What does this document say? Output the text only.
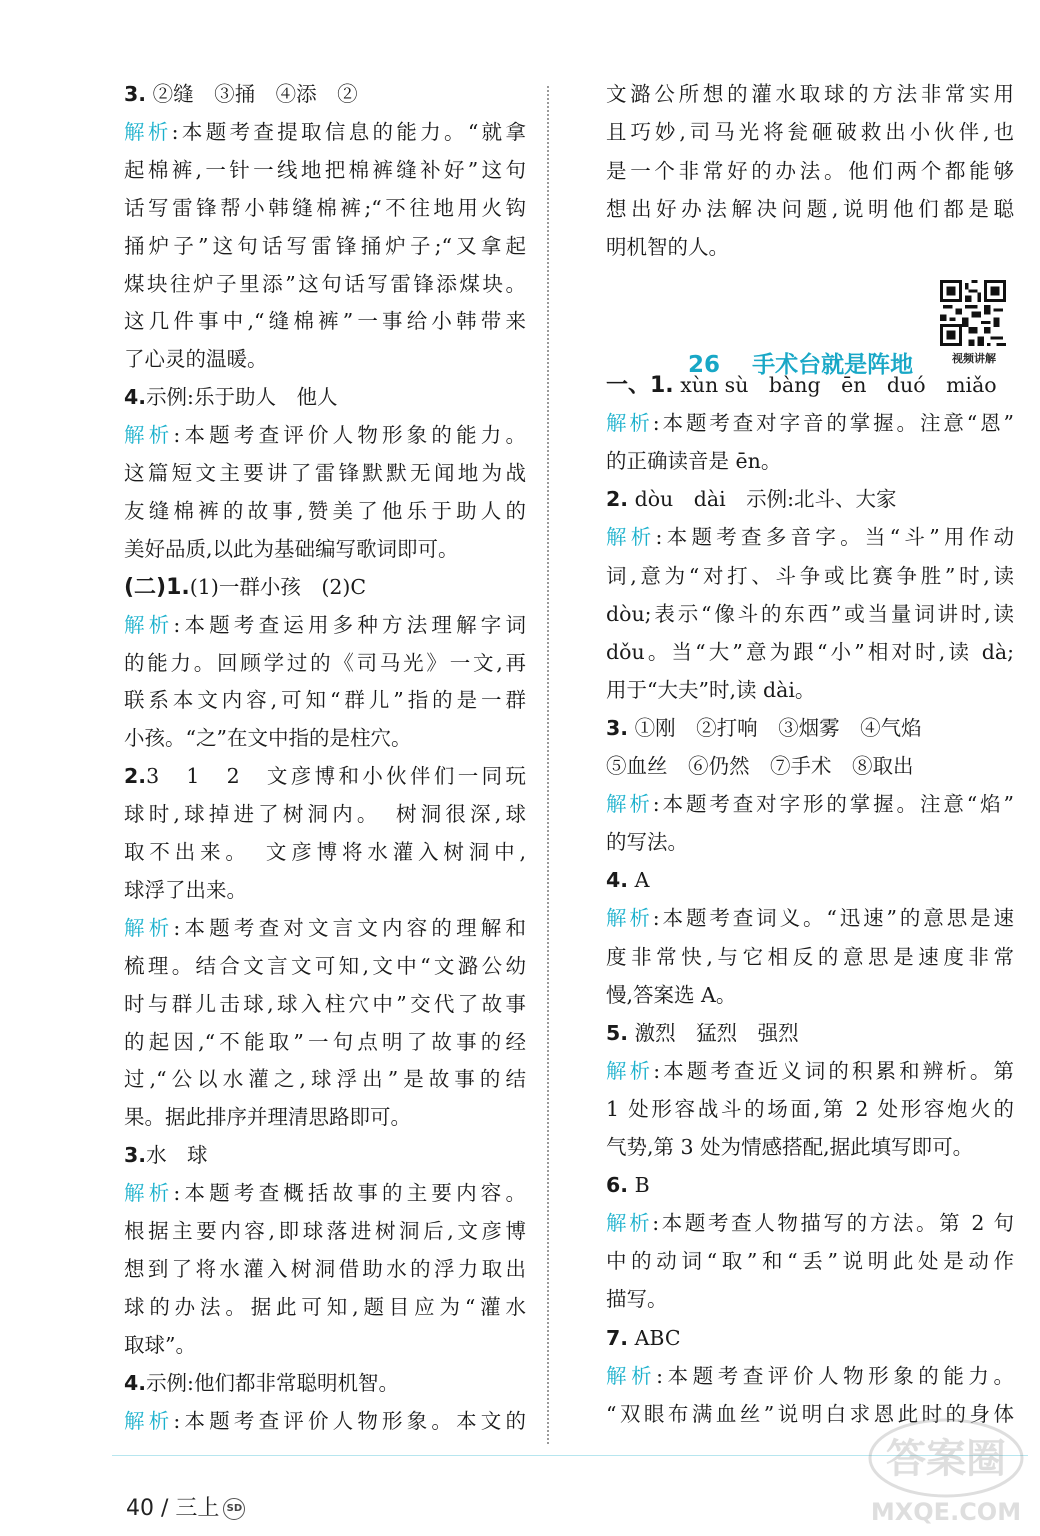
3. ②缝　③捅　④添　②
解析:本题考查提取信息的能力。“就拿
起棉裤,一针一线地把棉裤缝补好”这句
话写雷锋帮小韩缝棉裤;“不往地用火钩
捅炉子”这句话写雷锋捅炉子;“又拿起
煤块往炉子里添”这句话写雷锋添煤块。
这几件事中,“缝棉裤”一事给小韩带来
了心灵的温暖。
4.示例:乐于助人　他人
解析:本题考查评价人物形象的能力。
这篇短文主要讲了雷锋默默无闻地为战
友缝棉裤的故事,赞美了他乐于助人的
美好品质,以此为基础编写歌词即可。
(二)1.(1)一群小孩　(2)C
解析:本题考查运用多种方法理解字词
的能力。回顾学过的《司马光》一文,再
联系本文内容,可知“群儿”指的是一群
小孩。“之”在文中指的是柱穴。
2.3　1　2　文彦博和小伙伴们一同玩
球时,球掉进了树洞内。　树洞很深,球
取不出来。　文彦博将水灌入树洞中,
球浮了出来。
解析:本题考查对文言文内容的理解和
梳理。结合文言文可知,文中“文潞公幼
时与群儿击球,球入柱穴中”交代了故事
的起因,“不能取”一句点明了故事的经
过,“公以水灌之,球浮出”是故事的结
果。据此排序并理清思路即可。
3.水　球
解析:本题考查概括故事的主要内容。
根据主要内容,即球落进树洞后,文彦博
想到了将水灌入树洞借助水的浮力取出
球的办法。据此可知,题目应为“灌水
取球”。
4.示例:他们都非常聪明机智。
解析:本题考查评价人物形象。本文的
文潞公所想的灌水取球的方法非常实用
且巧妙,司马光将瓮砸破救出小伙伴,也
是一个非常好的办法。他们两个都能够
想出好办法解决问题,说明他们都是聪
明机智的人。

26 手术台就是阵地	视频讲解
一、1. xùn sù　bàng　ēn　duó　miǎo
解析:本题考查对字音的掌握。注意“恩”
的正确读音是 ēn。
2. dòu　dài　示例:北斗、大家
解析:本题考查多音字。当“斗”用作动
词,意为“对打、斗争或比赛争胜”时,读
dòu;表示“像斗的东西”或当量词讲时,读
dǒu。当“大”意为跟“小”相对时,读 dà;
用于“大夫”时,读 dài。
3. ①刚　②打响　③烟雾　④气焰
⑤血丝　⑥仍然　⑦手术　⑧取出
解析:本题考查对字形的掌握。注意“焰”
的写法。
4. A
解析:本题考查词义。“迅速”的意思是速
度非常快,与它相反的意思是速度非常
慢,答案选 A。
5. 激烈　猛烈　强烈
解析:本题考查近义词的积累和辨析。第
1 处形容战斗的场面,第 2 处形容炮火的
气势,第 3 处为情感搭配,据此填写即可。
6. B
解析:本题考查人物描写的方法。第 2 句
中的动词“取”和“丢”说明此处是动作
描写。
7. ABC
解析:本题考查评价人物形象的能力。
“双眼布满血丝”说明白求恩此时的身体

40 / 三上 SD

答案圈
MXQE.COM
